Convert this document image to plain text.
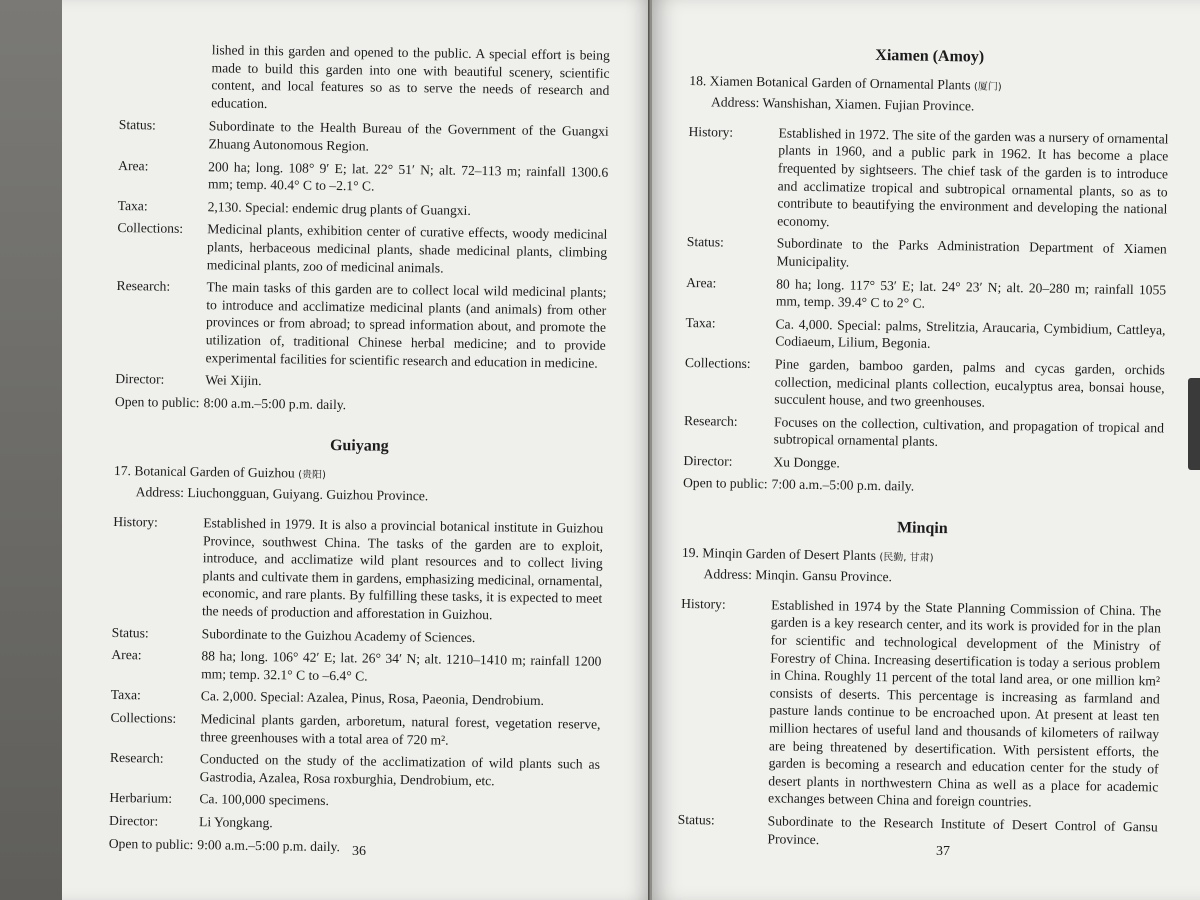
lished in this garden and opened to the public. A special effort is being made to build this garden into one with beautiful scenery, scientific content, and local features so as to serve the needs of research and education.
Status:	Subordinate to the Health Bureau of the Government of the Guangxi Zhuang Autonomous Region.
Area:	200 ha; long. 108° 9′ E; lat. 22° 51′ N; alt. 72–113 m; rainfall 1300.6 mm; temp. 40.4° C to –2.1° C.
Taxa:	2,130. Special: endemic drug plants of Guangxi.
Collections:	Medicinal plants, exhibition center of curative effects, woody medicinal plants, herbaceous medicinal plants, shade medicinal plants, climbing medicinal plants, zoo of medicinal animals.
Research:	The main tasks of this garden are to collect local wild medicinal plants; to introduce and acclimatize medicinal plants (and animals) from other provinces or from abroad; to spread information about, and promote the utilization of, traditional Chinese herbal medicine; and to provide experimental facilities for scientific research and education in medicine.
Director:	Wei Xijin.
Open to public: 8:00 a.m.–5:00 p.m. daily.
Guiyang
17. Botanical Garden of Guizhou (贵阳)
Address: Liuchongguan, Guiyang. Guizhou Province.
History:	Established in 1979. It is also a provincial botanical institute in Guizhou Province, southwest China. The tasks of the garden are to exploit, introduce, and acclimatize wild plant resources and to collect living plants and cultivate them in gardens, emphasizing medicinal, ornamental, economic, and rare plants. By fulfilling these tasks, it is expected to meet the needs of production and afforestation in Guizhou.
Status:	Subordinate to the Guizhou Academy of Sciences.
Area:	88 ha; long. 106° 42′ E; lat. 26° 34′ N; alt. 1210–1410 m; rainfall 1200 mm; temp. 32.1° C to –6.4° C.
Taxa:	Ca. 2,000. Special: Azalea, Pinus, Rosa, Paeonia, Dendrobium.
Collections:	Medicinal plants garden, arboretum, natural forest, vegetation reserve, three greenhouses with a total area of 720 m².
Research:	Conducted on the study of the acclimatization of wild plants such as Gastrodia, Azalea, Rosa roxburghia, Dendrobium, etc.
Herbarium:	Ca. 100,000 specimens.
Director:	Li Yongkang.
Open to public: 9:00 a.m.–5:00 p.m. daily. 36
Xiamen (Amoy)
18. Xiamen Botanical Garden of Ornamental Plants (厦门)
Address: Wanshishan, Xiamen. Fujian Province.
History:	Established in 1972. The site of the garden was a nursery of ornamental plants in 1960, and a public park in 1962. It has become a place frequented by sightseers. The chief task of the garden is to introduce and acclimatize tropical and subtropical ornamental plants, so as to contribute to beautifying the environment and developing the national economy.
Status:	Subordinate to the Parks Administration Department of Xiamen Municipality.
Area:	80 ha; long. 117° 53′ E; lat. 24° 23′ N; alt. 20–280 m; rainfall 1055 mm, temp. 39.4° C to 2° C.
Taxa:	Ca. 4,000. Special: palms, Strelitzia, Araucaria, Cymbidium, Cattleya, Codiaeum, Lilium, Begonia.
Collections:	Pine garden, bamboo garden, palms and cycas garden, orchids collection, medicinal plants collection, eucalyptus area, bonsai house, succulent house, and two greenhouses.
Research:	Focuses on the collection, cultivation, and propagation of tropical and subtropical ornamental plants.
Director:	Xu Dongge.
Open to public: 7:00 a.m.–5:00 p.m. daily.
Minqin
19. Minqin Garden of Desert Plants (民勤, 甘肃)
Address: Minqin. Gansu Province.
History:	Established in 1974 by the State Planning Commission of China. The garden is a key research center, and its work is provided for in the plan for scientific and technological development of the Ministry of Forestry of China. Increasing desertification is today a serious problem in China. Roughly 11 percent of the total land area, or one million km² consists of deserts. This percentage is increasing as farmland and pasture lands continue to be encroached upon. At present at least ten million hectares of useful land and thousands of kilometers of railway are being threatened by desertification. With persistent efforts, the garden is becoming a research and education center for the study of desert plants in northwestern China as well as a place for academic exchanges between China and foreign countries.
Status:	Subordinate to the Research Institute of Desert Control of Gansu Province.
37
